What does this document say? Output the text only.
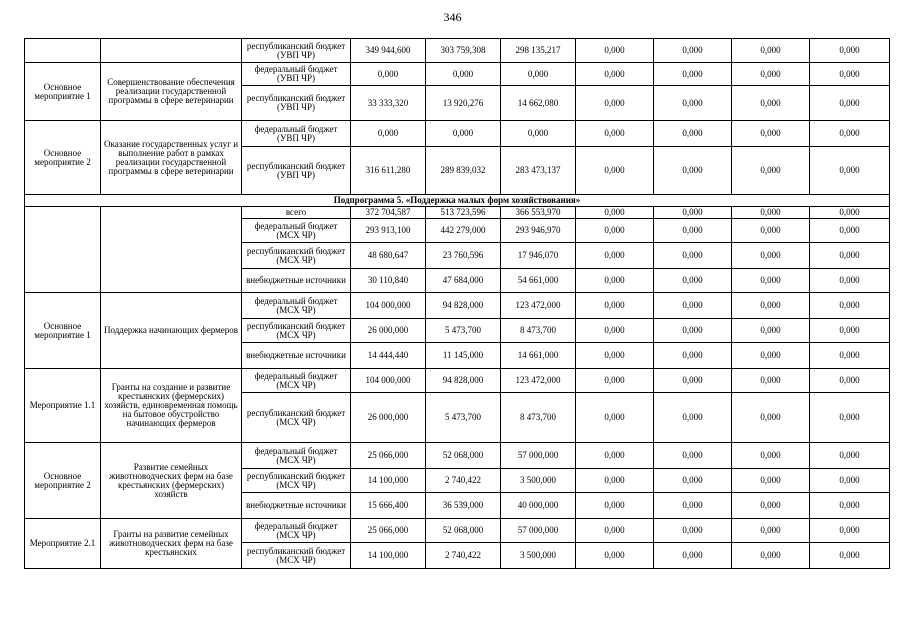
346
		республиканский бюджет (УВП ЧР)	349 944,600	303 759,308	298 135,217	0,000	0,000	0,000	0,000
Основное мероприятие 1	Совершенствование обеспечения реализации государственной программы в сфере ветеринарии	федеральный бюджет (УВП ЧР)	0,000	0,000	0,000	0,000	0,000	0,000	0,000
		республиканский бюджет (УВП ЧР)	33 333,320	13 920,276	14 662,080	0,000	0,000	0,000	0,000
Основное мероприятие 2	Оказание государственных услуг и выполнение работ в рамках реализации государственной программы в сфере ветеринарии	федеральный бюджет (УВП ЧР)	0,000	0,000	0,000	0,000	0,000	0,000	0,000
		республиканский бюджет (УВП ЧР)	316 611,280	289 839,032	283 473,137	0,000	0,000	0,000	0,000
Подпрограмма 5. «Поддержка малых форм хозяйствования»									
		всего	372 704,587	513 723,596	366 553,970	0,000	0,000	0,000	0,000
		федеральный бюджет (МСХ ЧР)	293 913,100	442 279,000	293 946,970	0,000	0,000	0,000	0,000
		республиканский бюджет (МСХ ЧР)	48 680,647	23 760,596	17 946,070	0,000	0,000	0,000	0,000
		внебюджетные источники	30 110,840	47 684,000	54 661,000	0,000	0,000	0,000	0,000
Основное мероприятие 1	Поддержка начинающих фермеров	федеральный бюджет (МСХ ЧР)	104 000,000	94 828,000	123 472,000	0,000	0,000	0,000	0,000
		республиканский бюджет (МСХ ЧР)	26 000,000	5 473,700	8 473,700	0,000	0,000	0,000	0,000
		внебюджетные источники	14 444,440	11 145,000	14 661,000	0,000	0,000	0,000	0,000
Мероприятие 1.1	Гранты на создание и развитие крестьянских (фермерских) хозяйств, единовременная помощь на бытовое обустройство начинающих фермеров	федеральный бюджет (МСХ ЧР)	104 000,000	94 828,000	123 472,000	0,000	0,000	0,000	0,000
		республиканский бюджет (МСХ ЧР)	26 000,000	5 473,700	8 473,700	0,000	0,000	0,000	0,000
Основное мероприятие 2	Развитие семейных животноводческих ферм на базе крестьянских (фермерских) хозяйств	федеральный бюджет (МСХ ЧР)	25 066,000	52 068,000	57 000,000	0,000	0,000	0,000	0,000
		республиканский бюджет (МСХ ЧР)	14 100,000	2 740,422	3 500,000	0,000	0,000	0,000	0,000
		внебюджетные источники	15 666,400	36 539,000	40 000,000	0,000	0,000	0,000	0,000
Мероприятие 2.1	Гранты на развитие семейных животноводческих ферм на базе крестьянских	федеральный бюджет (МСХ ЧР)	25 066,000	52 068,000	57 000,000	0,000	0,000	0,000	0,000
		республиканский бюджет (МСХ ЧР)	14 100,000	2 740,422	3 500,000	0,000	0,000	0,000	0,000
